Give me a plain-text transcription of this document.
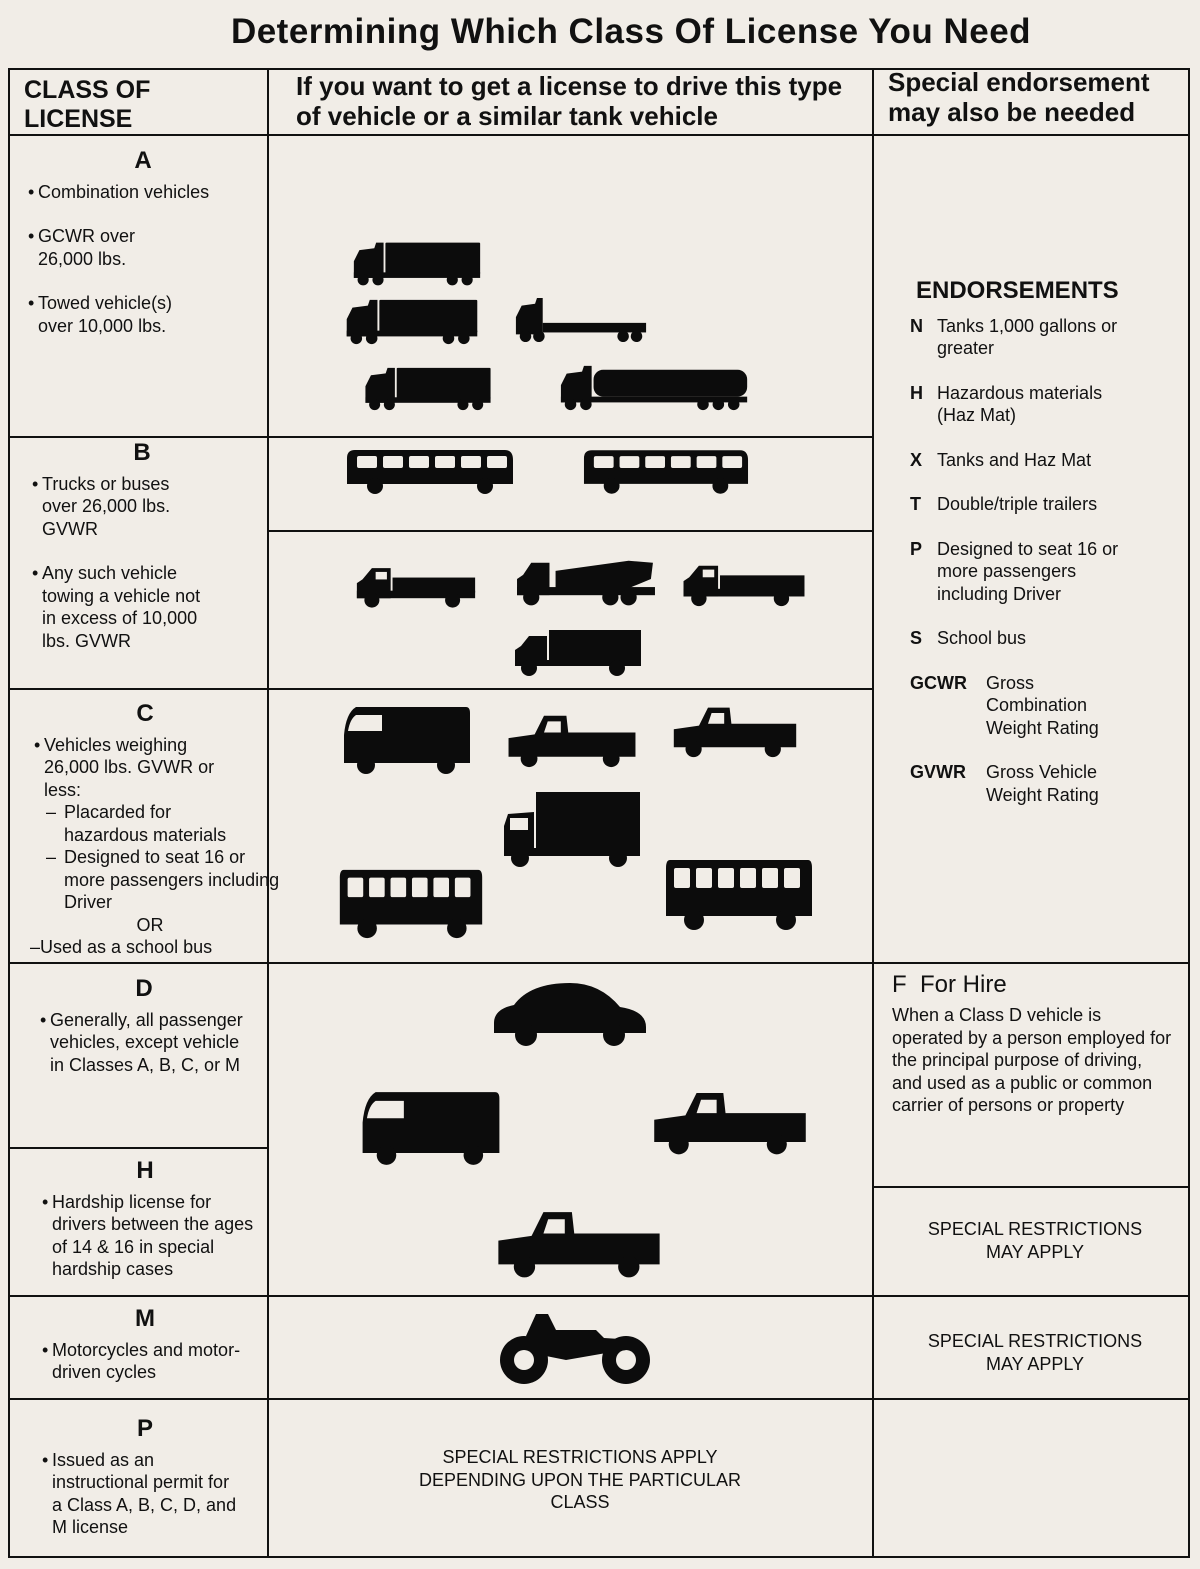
Determining Which Class Of License You Need
CLASS OF LICENSE
If you want to get a license to drive this type of vehicle or a similar tank vehicle
Special endorsement may also be needed
A
• Combination vehicles
• GCWR over 26,000 lbs.
• Towed vehicle(s) over 10,000 lbs.
B
• Trucks or buses over 26,000 lbs. GVWR
• Any such vehicle towing a vehicle not in excess of 10,000 lbs. GVWR
C
• Vehicles weighing 26,000 lbs. GVWR or less:
– Placarded for hazardous materials
– Designed to seat 16 or more passengers including Driver
OR
–Used as a school bus
D
• Generally, all passenger vehicles, except vehicle in Classes A, B, C, or M
H
• Hardship license for drivers between the ages of 14 & 16 in special hardship cases
M
• Motorcycles and motor-driven cycles
P
• Issued as an instructional permit for a Class A, B, C, D, and M license
ENDORSEMENTS
N Tanks 1,000 gallons or greater
H Hazardous materials (Haz Mat)
X Tanks and Haz Mat
T Double/triple trailers
P Designed to seat 16 or more passengers including Driver
S School bus
GCWR	Gross Combination Weight Rating
GVWR	Gross Vehicle Weight Rating
F  For Hire
When a Class D vehicle is operated by a person employed for the principal purpose of driving, and used as a public or common carrier of persons or property
SPECIAL RESTRICTIONS MAY APPLY
SPECIAL RESTRICTIONS MAY APPLY
SPECIAL RESTRICTIONS APPLY DEPENDING UPON THE PARTICULAR CLASS
